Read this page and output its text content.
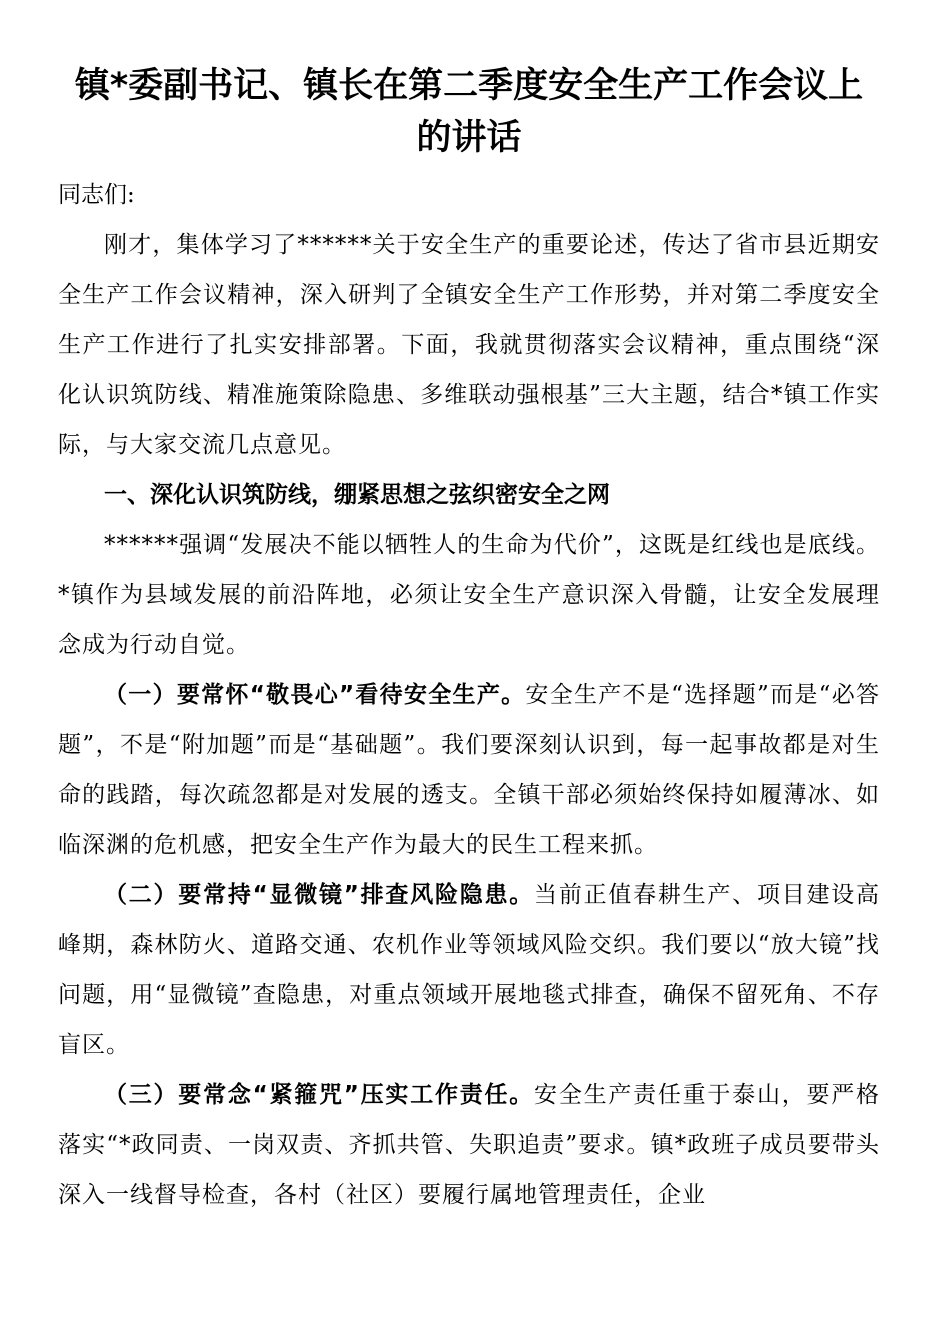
镇*委副书记、镇长在第二季度安全生产工作会议上的讲话

同志们:

刚才，集体学习了******关于安全生产的重要论述，传达了省市县近期安全生产工作会议精神，深入研判了全镇安全生产工作形势，并对第二季度安全生产工作进行了扎实安排部署。下面，我就贯彻落实会议精神，重点围绕“深化认识筑防线、精准施策除隐患、多维联动强根基”三大主题，结合*镇工作实际，与大家交流几点意见。

一、深化认识筑防线，绷紧思想之弦织密安全之网

******强调“发展决不能以牺牲人的生命为代价”，这既是红线也是底线。*镇作为县域发展的前沿阵地，必须让安全生产意识深入骨髓，让安全发展理念成为行动自觉。

（一）要常怀“敬畏心”看待安全生产。安全生产不是“选择题”而是“必答题”，不是“附加题”而是“基础题”。我们要深刻认识到，每一起事故都是对生命的践踏，每次疏忽都是对发展的透支。全镇干部必须始终保持如履薄冰、如临深渊的危机感，把安全生产作为最大的民生工程来抓。

（二）要常持“显微镜”排查风险隐患。当前正值春耕生产、项目建设高峰期，森林防火、道路交通、农机作业等领域风险交织。我们要以“放大镜”找问题，用“显微镜”查隐患，对重点领域开展地毯式排查，确保不留死角、不存盲区。

（三）要常念“紧箍咒”压实工作责任。安全生产责任重于泰山，要严格落实“*政同责、一岗双责、齐抓共管、失职追责”要求。镇*政班子成员要带头深入一线督导检查，各村（社区）要履行属地管理责任，企业
